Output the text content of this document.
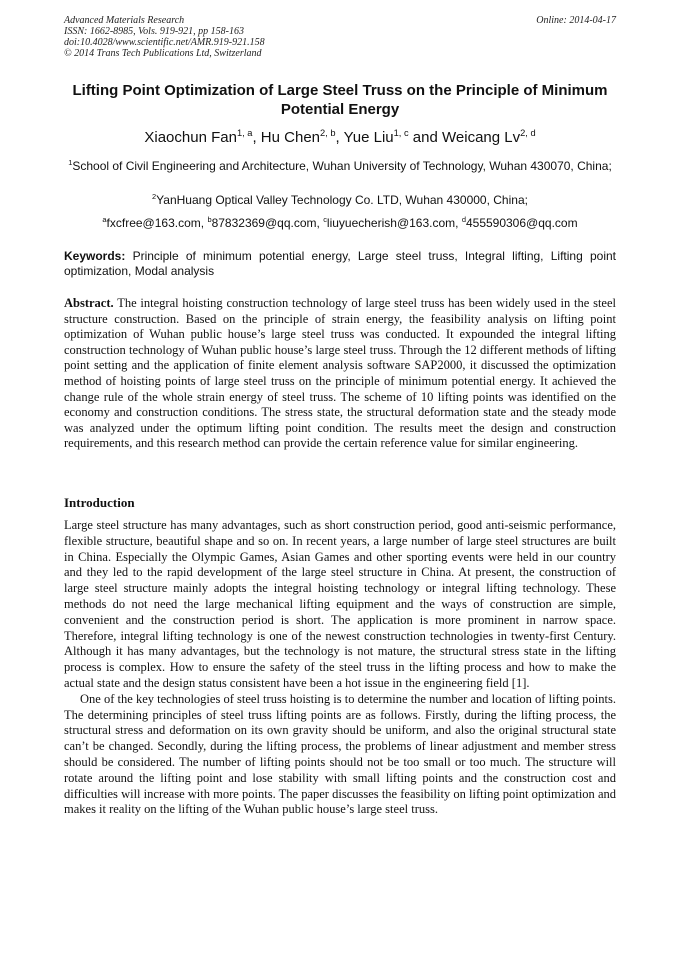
Advanced Materials Research
ISSN: 1662-8985, Vols. 919-921, pp 158-163
doi:10.4028/www.scientific.net/AMR.919-921.158
© 2014 Trans Tech Publications Ltd, Switzerland
Online: 2014-04-17
Lifting Point Optimization of Large Steel Truss on the Principle of Minimum Potential Energy
Xiaochun Fan$^{1, a}$, Hu Chen$^{2, b}$, Yue Liu$^{1, c}$ and Weicang Lv$^{2, d}$
$^1$School of Civil Engineering and Architecture, Wuhan University of Technology, Wuhan 430070, China;
$^2$YanHuang Optical Valley Technology Co. LTD, Wuhan 430000, China;
$^a$fxcfree@163.com, $^b$87832369@qq.com, $^c$liuyuecherish@163.com, $^d$455590306@qq.com
Keywords: Principle of minimum potential energy, Large steel truss, Integral lifting, Lifting point optimization, Modal analysis
Abstract. The integral hoisting construction technology of large steel truss has been widely used in the steel structure construction. Based on the principle of strain energy, the feasibility analysis on lifting point optimization of Wuhan public house’s large steel truss was conducted. It expounded the integral lifting construction technology of Wuhan public house’s large steel truss. Through the 12 different methods of lifting point setting and the application of finite element analysis software SAP2000, it discussed the optimization method of hoisting points of large steel truss on the principle of minimum potential energy. It achieved the change rule of the whole strain energy of steel truss. The scheme of 10 lifting points was identified on the economy and construction conditions. The stress state, the structural deformation state and the steady mode was analyzed under the optimum lifting point condition. The results meet the design and construction requirements, and this research method can provide the certain reference value for similar engineering.
Introduction

Large steel structure has many advantages, such as short construction period, good anti-seismic performance, flexible structure, beautiful shape and so on. In recent years, a large number of large steel structures are built in China. Especially the Olympic Games, Asian Games and other sporting events were held in our country and they led to the rapid development of the large steel structure in China. At present, the construction of large steel structure mainly adopts the integral hoisting technology or integral lifting technology. These methods do not need the large mechanical lifting equipment and the ways of construction are simple, convenient and the construction period is short. The application is more prominent in narrow space. Therefore, integral lifting technology is one of the newest construction technologies in twenty-first Century. Although it has many advantages, but the technology is not mature, the structural stress state in the lifting process is complex. How to ensure the safety of the steel truss in the lifting process and how to make the actual state and the design status consistent have been a hot issue in the engineering field [1].

One of the key technologies of steel truss hoisting is to determine the number and location of lifting points. The determining principles of steel truss lifting points are as follows. Firstly, during the lifting process, the structural stress and deformation on its own gravity should be uniform, and also the original structural state can’t be changed. Secondly, during the lifting process, the problems of linear adjustment and member stress should be considered. The number of lifting points should not be too small or too much. The structure will rotate around the lifting point and lose stability with small lifting points and the construction cost and difficulties will increase with more points. The paper discusses the feasibility on lifting point optimization and makes it reality on the lifting of the Wuhan public house’s large steel truss.
